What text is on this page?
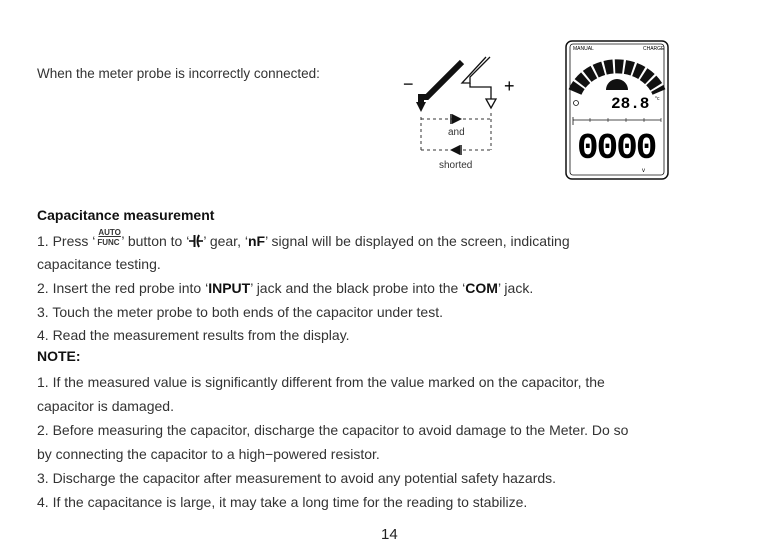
When the meter probe is incorrectly connected:
−	+
and
shorted
MANUAL	CHARGE
28.8 °c
0000
v
Capacitance measurement
1. Press ‘
AUTO
FUNC ’ button to ‘ ’ gear, ‘nF’ signal will be displayed on the screen, indicating
capacitance testing.
2. Insert the red probe into ‘INPUT’ jack and the black probe into the ‘COM’ jack.
3. Touch the meter probe to both ends of the capacitor under test.
4. Read the measurement results from the display.
NOTE:
1. If the measured value is significantly different from the value marked on the capacitor, the
capacitor is damaged.
2. Before measuring the capacitor, discharge the capacitor to avoid damage to the Meter. Do so
by connecting the capacitor to a high−powered resistor.
3. Discharge the capacitor after measurement to avoid any potential safety hazards.
4. If the capacitance is large, it may take a long time for the reading to stabilize.
14
